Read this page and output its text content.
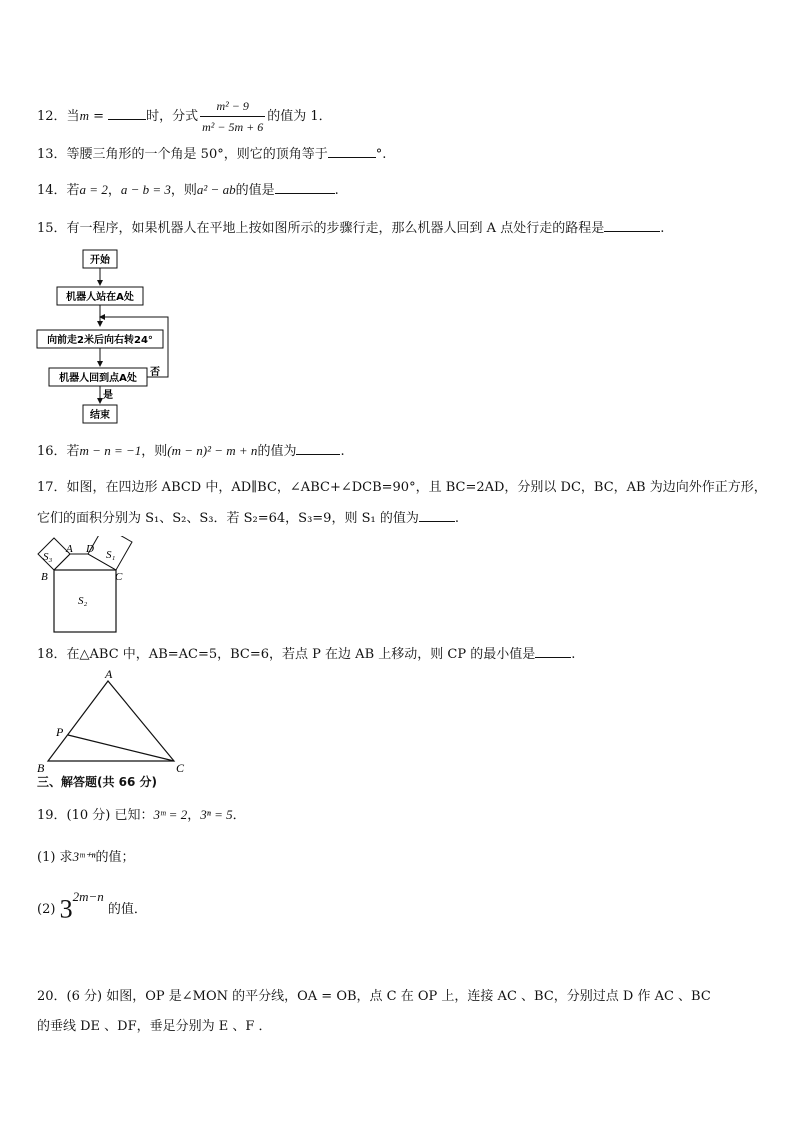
12．当m =	时，分式 $\frac{\text{m² − 9}}{\text{m² − 5m + 6}}$ 的值为 1．
13．等腰三角形的一个角是 50°，则它的顶角等于	°.
14．若a = 2，a − b = 3，则a² − ab的值是	.
15．有一程序，如果机器人在平地上按如图所示的步骤行走，那么机器人回到 A 点处行走的路程是	.
开始
机器人站在A处
向前走2米后向右转24°
机器人回到点A处
否
是
结束
16．若m − n = −1，则(m − n)² − m + n的值为	.
17．如图，在四边形 ABCD 中，AD∥BC，∠ABC+∠DCB=90°，且 BC=2AD，分别以 DC，BC，AB 为边向外作正方形，
它们的面积分别为 S₁、S₂、S₃．若 S₂=64，S₃=9，则 S₁ 的值为	.
S₃	S₁
A D
B	C
S₂
18．在△ABC 中，AB=AC=5，BC=6，若点 P 在边 AB 上移动，则 CP 的最小值是	.
A
B	C
P
三、解答题(共 66 分)
19．(10 分) 已知：3ᵐ = 2，3ⁿ = 5．
(1) 求3ᵐ⁺ⁿ的值；
(2) 32m−n 的值．
20．(6 分) 如图，OP 是∠MON 的平分线，OA = OB，点 C 在 OP 上，连接 AC 、BC，分别过点 D 作 AC 、BC
的垂线 DE 、DF，垂足分别为 E 、F ．
